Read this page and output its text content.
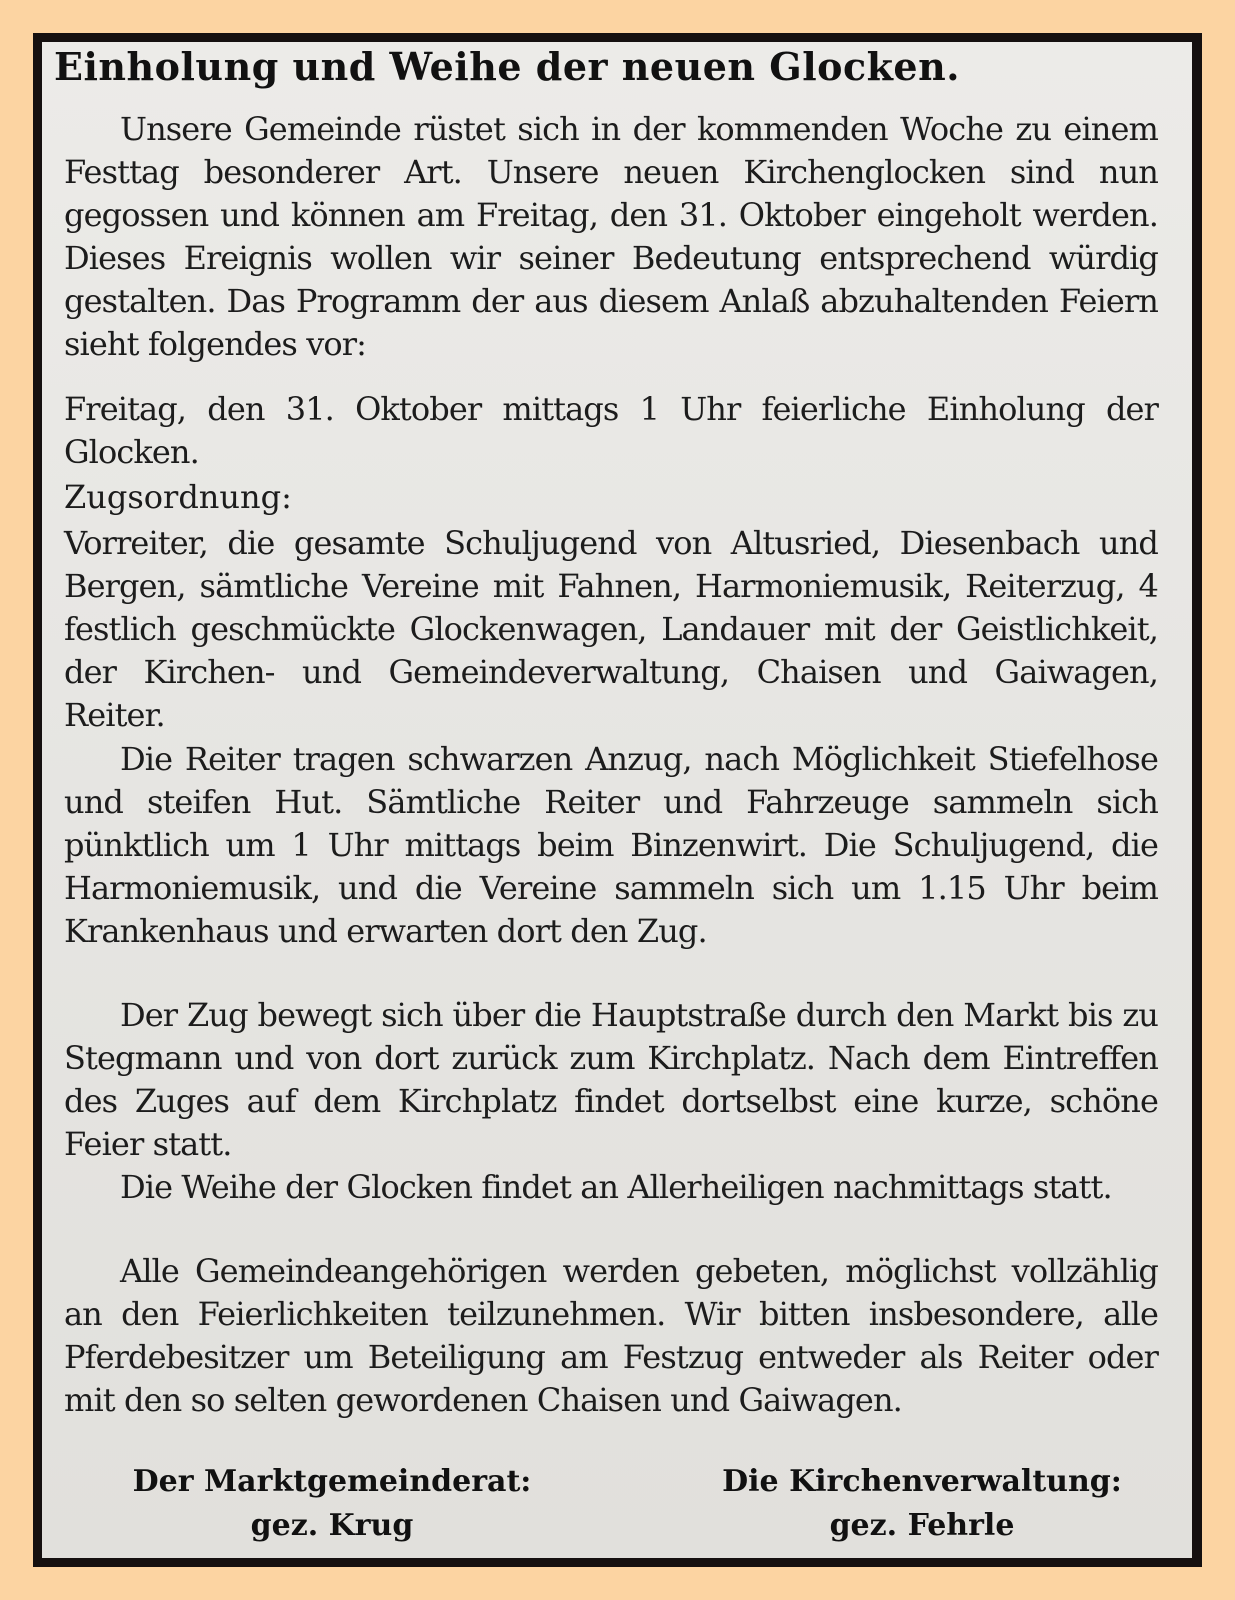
Einholung und Weihe der neuen Glocken.

Unsere Gemeinde rüstet sich in der kommenden Woche zu einem Festtag besonderer Art. Unsere neuen Kirchenglocken sind nun gegossen und können am Freitag, den 31. Oktober eingeholt werden. Dieses Ereignis wollen wir seiner Bedeutung entsprechend würdig gestalten. Das Programm der aus diesem Anlaß abzuhaltenden Feiern sieht folgendes vor:

Freitag, den 31. Oktober mittags 1 Uhr feierliche Einholung der Glocken.

Zugsordnung:

Vorreiter, die gesamte Schuljugend von Altusried, Diesenbach und Bergen, sämtliche Vereine mit Fahnen, Harmoniemusik, Reiterzug, 4 festlich geschmückte Glockenwagen, Landauer mit der Geistlichkeit, der Kirchen- und Gemeindeverwaltung, Chaisen und Gaiwagen, Reiter.

Die Reiter tragen schwarzen Anzug, nach Möglichkeit Stiefelhose und steifen Hut. Sämtliche Reiter und Fahrzeuge sammeln sich pünktlich um 1 Uhr mittags beim Binzenwirt. Die Schuljugend, die Harmoniemusik, und die Vereine sammeln sich um 1.15 Uhr beim Krankenhaus und erwarten dort den Zug.

Der Zug bewegt sich über die Hauptstraße durch den Markt bis zu Stegmann und von dort zurück zum Kirchplatz. Nach dem Eintreffen des Zuges auf dem Kirchplatz findet dortselbst eine kurze, schöne Feier statt.

Die Weihe der Glocken findet an Allerheiligen nachmittags statt.

Alle Gemeindeangehörigen werden gebeten, möglichst vollzählig an den Feierlichkeiten teilzunehmen. Wir bitten insbesondere, alle Pferdebesitzer um Beteiligung am Festzug entweder als Reiter oder mit den so selten gewordenen Chaisen und Gaiwagen.

Der Marktgemeinderat:
gez. Krug
Die Kirchenverwaltung:
gez. Fehrle
